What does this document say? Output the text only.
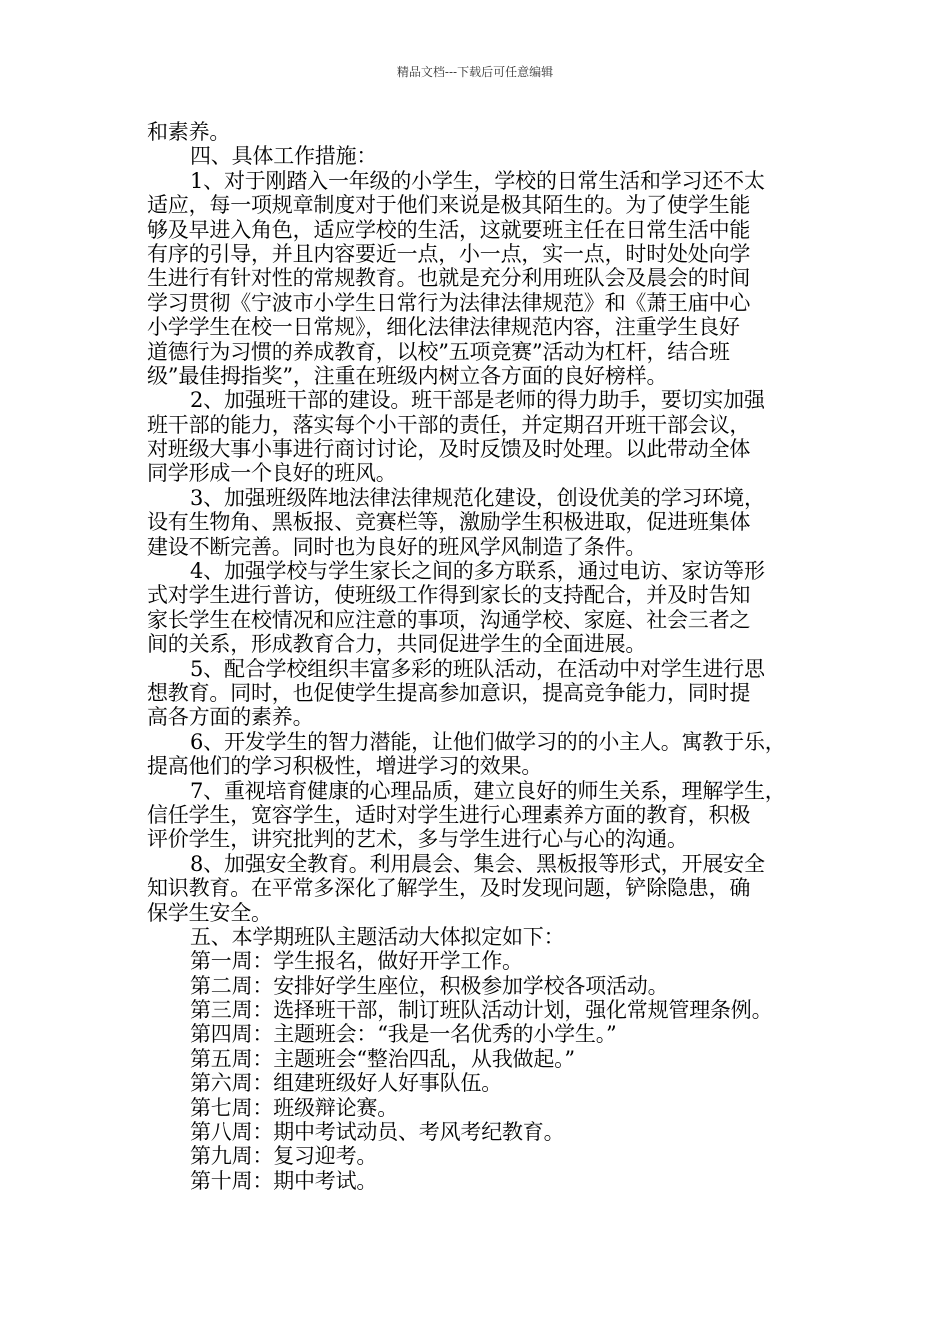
精品文档---下载后可任意编辑
和素养。
四、具体工作措施：
1、对于刚踏入一年级的小学生，学校的日常生活和学习还不太
适应，每一项规章制度对于他们来说是极其陌生的。为了使学生能
够及早进入角色，适应学校的生活，这就要班主任在日常生活中能
有序的引导，并且内容要近一点，小一点，实一点，时时处处向学
生进行有针对性的常规教育。也就是充分利用班队会及晨会的时间
学习贯彻《宁波市小学生日常行为法律法律规范》和《萧王庙中心
小学学生在校一日常规》，细化法律法律规范内容，注重学生良好
道德行为习惯的养成教育，以校”五项竞赛”活动为杠杆，结合班
级”最佳拇指奖”，注重在班级内树立各方面的良好榜样。
2、加强班干部的建设。班干部是老师的得力助手，要切实加强
班干部的能力，落实每个小干部的责任，并定期召开班干部会议，
对班级大事小事进行商讨讨论，及时反馈及时处理。以此带动全体
同学形成一个良好的班风。
3、加强班级阵地法律法律规范化建设，创设优美的学习环境，
设有生物角、黑板报、竞赛栏等，激励学生积极进取，促进班集体
建设不断完善。同时也为良好的班风学风制造了条件。
4、加强学校与学生家长之间的多方联系，通过电访、家访等形
式对学生进行普访，使班级工作得到家长的支持配合，并及时告知
家长学生在校情况和应注意的事项，沟通学校、家庭、社会三者之
间的关系，形成教育合力，共同促进学生的全面进展。
5、配合学校组织丰富多彩的班队活动，在活动中对学生进行思
想教育。同时，也促使学生提高参加意识，提高竞争能力，同时提
高各方面的素养。
6、开发学生的智力潜能，让他们做学习的的小主人。寓教于乐，
提高他们的学习积极性，增进学习的效果。
7、重视培育健康的心理品质，建立良好的师生关系，理解学生，
信任学生，宽容学生，适时对学生进行心理素养方面的教育，积极
评价学生，讲究批判的艺术，多与学生进行心与心的沟通。
8、加强安全教育。利用晨会、集会、黑板报等形式，开展安全
知识教育。在平常多深化了解学生，及时发现问题，铲除隐患，确
保学生安全。
五、本学期班队主题活动大体拟定如下：
第一周：学生报名，做好开学工作。
第二周：安排好学生座位，积极参加学校各项活动。
第三周：选择班干部，制订班队活动计划，强化常规管理条例。
第四周：主题班会：“我是一名优秀的小学生。”
第五周：主题班会“整治四乱，从我做起。”
第六周：组建班级好人好事队伍。
第七周：班级辩论赛。
第八周：期中考试动员、考风考纪教育。
第九周：复习迎考。
第十周：期中考试。
